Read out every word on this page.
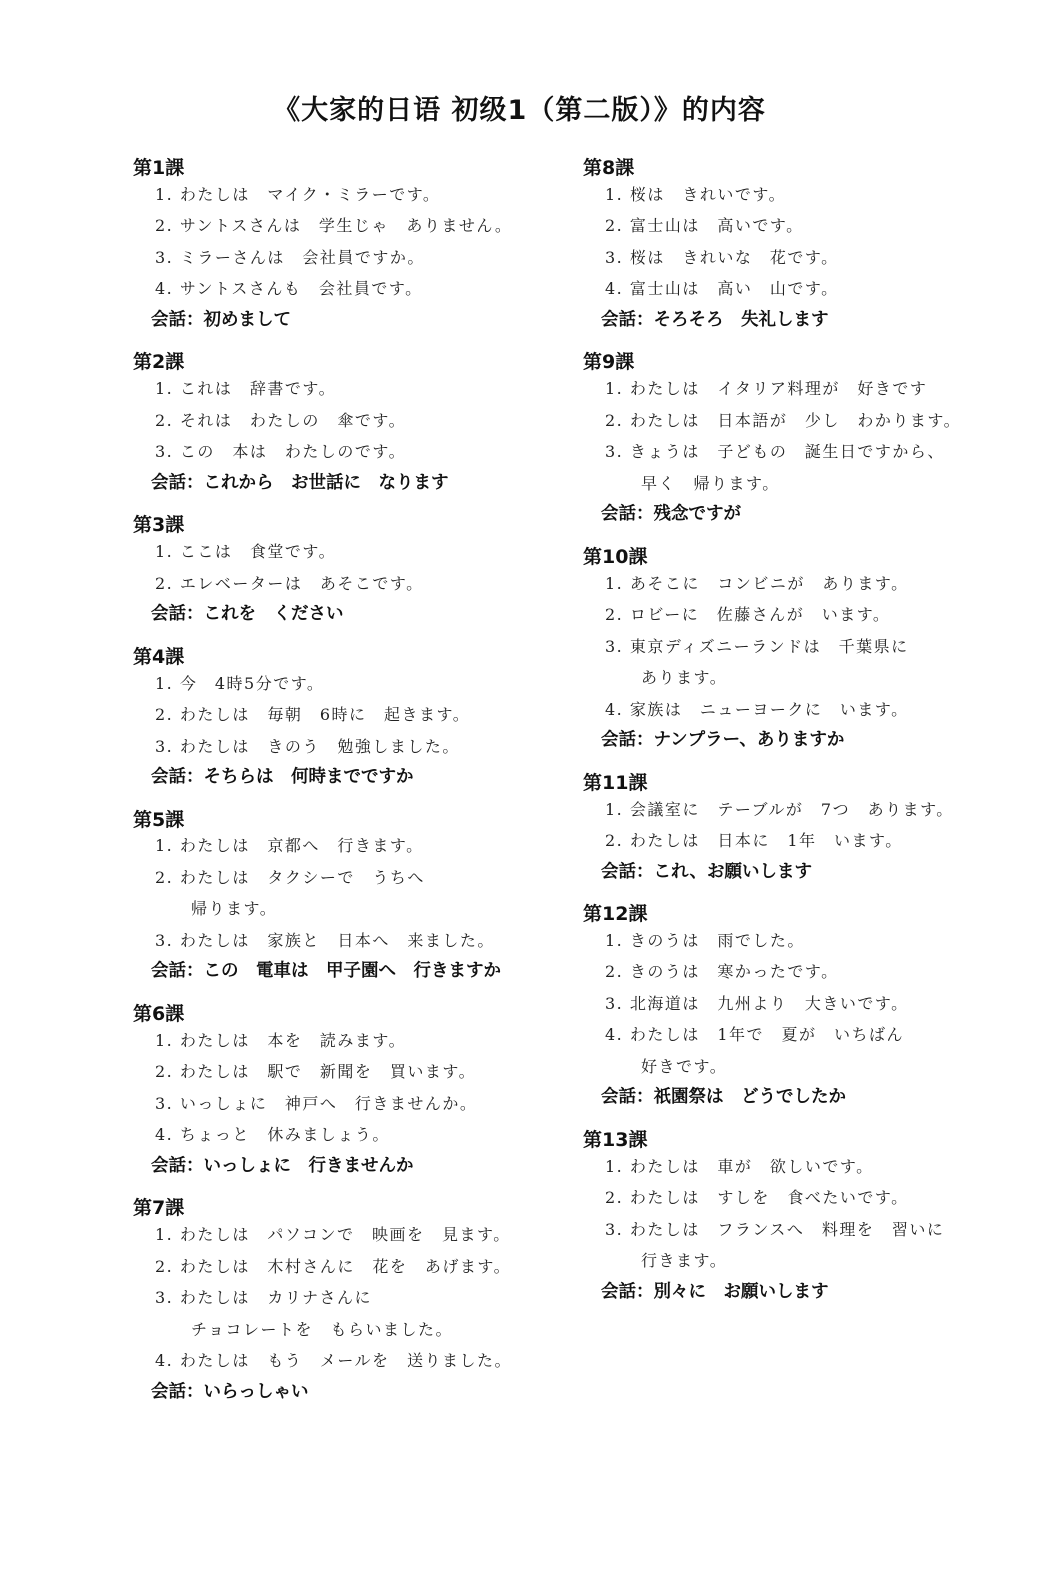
《大家的日语 初级1（第二版）》的内容
第1課
1. わたしは　マイク・ミラーです。
2. サントスさんは　学生じゃ　ありません。
3. ミラーさんは　会社員ですか。
4. サントスさんも　会社員です。
会話：初めまして
第2課
1. これは　辞書です。
2. それは　わたしの　傘です。
3. この　本は　わたしのです。
会話：これから　お世話に　なります
第3課
1. ここは　食堂です。
2. エレベーターは　あそこです。
会話：これを　ください
第4課
1. 今　4時5分です。
2. わたしは　毎朝　6時に　起きます。
3. わたしは　きのう　勉強しました。
会話：そちらは　何時までですか
第5課
1. わたしは　京都へ　行きます。
2. わたしは　タクシーで　うちへ
帰ります。
3. わたしは　家族と　日本へ　来ました。
会話：この　電車は　甲子園へ　行きますか
第6課
1. わたしは　本を　読みます。
2. わたしは　駅で　新聞を　買います。
3. いっしょに　神戸へ　行きませんか。
4. ちょっと　休みましょう。
会話：いっしょに　行きませんか
第7課
1. わたしは　パソコンで　映画を　見ます。
2. わたしは　木村さんに　花を　あげます。
3. わたしは　カリナさんに
チョコレートを　もらいました。
4. わたしは　もう　メールを　送りました。
会話：いらっしゃい
第8課
1. 桜は　きれいです。
2. 富士山は　高いです。
3. 桜は　きれいな　花です。
4. 富士山は　高い　山です。
会話：そろそろ　失礼します
第9課
1. わたしは　イタリア料理が　好きです
2. わたしは　日本語が　少し　わかります。
3. きょうは　子どもの　誕生日ですから、
早く　帰ります。
会話：残念ですが
第10課
1. あそこに　コンビニが　あります。
2. ロビーに　佐藤さんが　います。
3. 東京ディズニーランドは　千葉県に
あります。
4. 家族は　ニューヨークに　います。
会話：ナンプラー、ありますか
第11課
1. 会議室に　テーブルが　7つ　あります。
2. わたしは　日本に　1年　います。
会話：これ、お願いします
第12課
1. きのうは　雨でした。
2. きのうは　寒かったです。
3. 北海道は　九州より　大きいです。
4. わたしは　1年で　夏が　いちばん
好きです。
会話：祇園祭は　どうでしたか
第13課
1. わたしは　車が　欲しいです。
2. わたしは　すしを　食べたいです。
3. わたしは　フランスへ　料理を　習いに
行きます。
会話：別々に　お願いします
